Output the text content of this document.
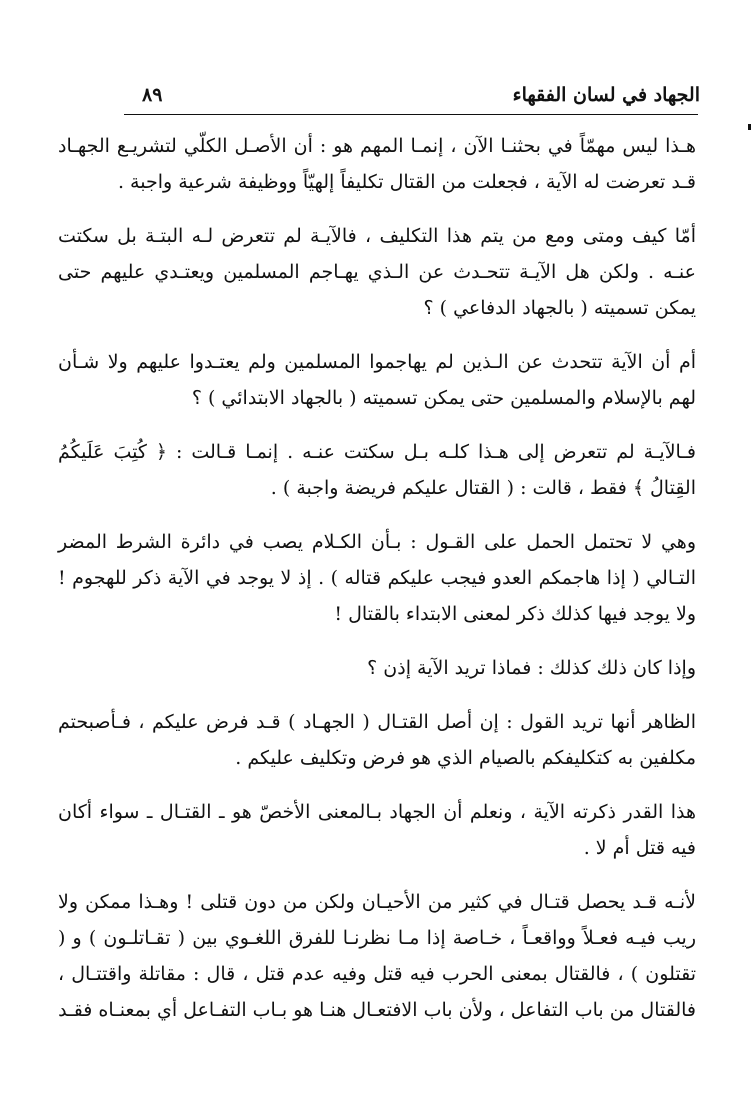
الجهاد في لسان الفقهاء
٨٩

هـذا ليس مهمّاً في بحثنـا الآن ، إنمـا المهم هو : أن الأصـل الكلّي لتشريـع الجهـاد قـد تعرضت له الآية ، فجعلت من القتال تكليفاً إلهيّاً ووظيفة شرعية واجبة .

أمّا كيف ومتى ومع من يتم هذا التكليف ، فالآيـة لم تتعرض لـه البتـة بل سكتت عنـه . ولكن هل الآيـة تتحـدث عن الـذي يهـاجم المسلمين ويعتـدي عليهم حتى يمكن تسميته ( بالجهاد الدفاعي ) ؟

أم أن الآية تتحدث عن الـذين لم يهاجموا المسلمين ولم يعتـدوا عليهم ولا شـأن لهم بالإسلام والمسلمين حتى يمكن تسميته ( بالجهاد الابتدائي ) ؟

فـالآيـة لم تتعرض إلى هـذا كلـه بـل سكتت عنـه . إنمـا قـالت : ﴿ كُتِبَ عَلَيكُمُ القِتالُ ﴾ فقط ، قالت : ( القتال عليكم فريضة واجبة ) .

وهي لا تحتمل الحمل على القـول : بـأن الكـلام يصب في دائرة الشرط المضر التـالي ( إذا هاجمكم العدو فيجب عليكم قتاله ) . إذ لا يوجد في الآية ذكر للهجوم ! ولا يوجد فيها كذلك ذكر لمعنى الابتداء بالقتال !

وإذا كان ذلك كذلك : فماذا تريد الآية إذن ؟

الظاهر أنها تريد القول : إن أصل القتـال ( الجهـاد ) قـد فرض عليكم ، فـأصبحتم مكلفين به كتكليفكم بالصيام الذي هو فرض وتكليف عليكم .

هذا القدر ذكرته الآية ، ونعلم أن الجهاد بـالمعنى الأخصّ هو ـ القتـال ـ سواء أكان فيه قتل أم لا .

لأنـه قـد يحصل قتـال في كثير من الأحيـان ولكن من دون قتلى ! وهـذا ممكن ولا ريب فيـه فعـلاً وواقعـاً ، خـاصة إذا مـا نظرنـا للفرق اللغـوي بين ( تقـاتلـون ) و ( تقتلون ) ، فالقتال بمعنى الحرب فيه قتل وفيه عدم قتل ، قال : مقاتلة واقتتـال ، فالقتال من باب التفاعل ، ولأن باب الافتعـال هنـا هو بـاب التفـاعل أي بمعنـاه فقـد
